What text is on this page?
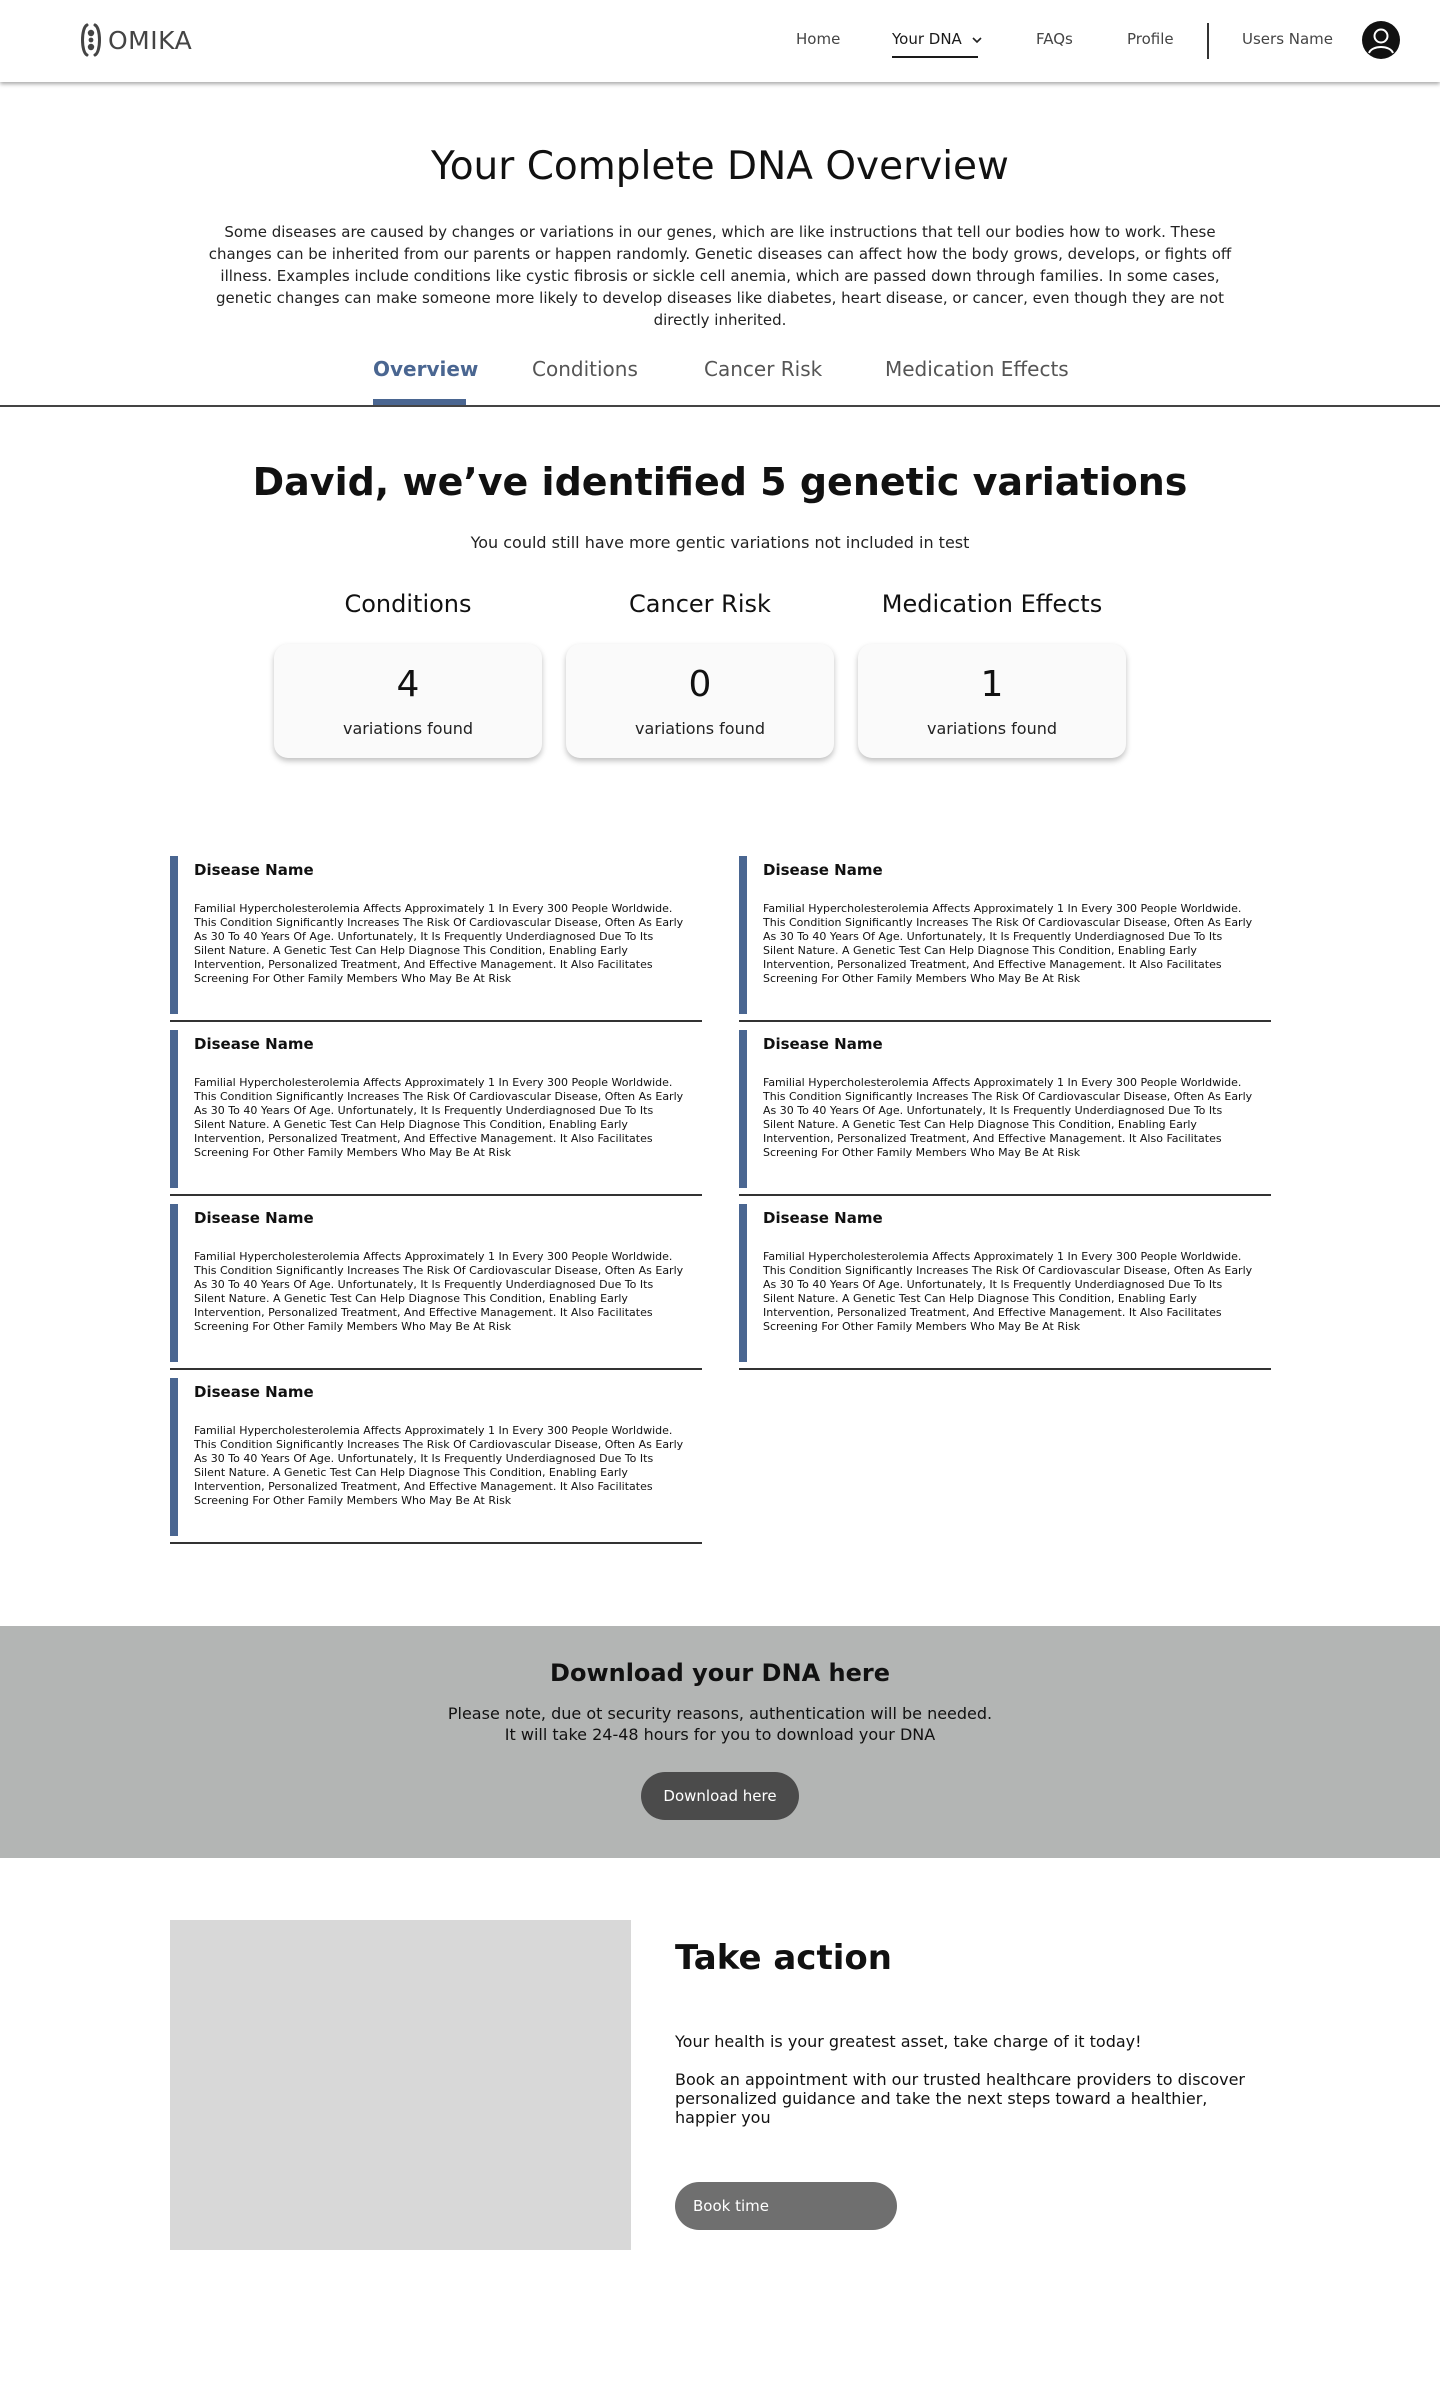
OMIKA	Home	Your DNA	FAQs	Profile	Users Name
Your Complete DNA Overview

Some diseases are caused by changes or variations in our genes, which are like instructions that tell our bodies how to work. These changes can be inherited from our parents or happen randomly. Genetic diseases can affect how the body grows, develops, or fights off illness. Examples include conditions like cystic fibrosis or sickle cell anemia, which are passed down through families. In some cases, genetic changes can make someone more likely to develop diseases like diabetes, heart disease, or cancer, even though they are not directly inherited.

Overview	Conditions	Cancer Risk	Medication Effects
David, we’ve identified 5 genetic variations

You could still have more gentic variations not included in test

Conditions
4
variations found
Cancer Risk
0
variations found
Medication Effects
1
variations found
Disease Name
Familial Hypercholesterolemia Affects Approximately 1 In Every 300 People Worldwide. This Condition Significantly Increases The Risk Of Cardiovascular Disease, Often As Early As 30 To 40 Years Of Age. Unfortunately, It Is Frequently Underdiagnosed Due To Its Silent Nature. A Genetic Test Can Help Diagnose This Condition, Enabling Early Intervention, Personalized Treatment, And Effective Management. It Also Facilitates Screening For Other Family Members Who May Be At Risk
Disease Name
Familial Hypercholesterolemia Affects Approximately 1 In Every 300 People Worldwide. This Condition Significantly Increases The Risk Of Cardiovascular Disease, Often As Early As 30 To 40 Years Of Age. Unfortunately, It Is Frequently Underdiagnosed Due To Its Silent Nature. A Genetic Test Can Help Diagnose This Condition, Enabling Early Intervention, Personalized Treatment, And Effective Management. It Also Facilitates Screening For Other Family Members Who May Be At Risk
Disease Name
Familial Hypercholesterolemia Affects Approximately 1 In Every 300 People Worldwide. This Condition Significantly Increases The Risk Of Cardiovascular Disease, Often As Early As 30 To 40 Years Of Age. Unfortunately, It Is Frequently Underdiagnosed Due To Its Silent Nature. A Genetic Test Can Help Diagnose This Condition, Enabling Early Intervention, Personalized Treatment, And Effective Management. It Also Facilitates Screening For Other Family Members Who May Be At Risk
Disease Name
Familial Hypercholesterolemia Affects Approximately 1 In Every 300 People Worldwide. This Condition Significantly Increases The Risk Of Cardiovascular Disease, Often As Early As 30 To 40 Years Of Age. Unfortunately, It Is Frequently Underdiagnosed Due To Its Silent Nature. A Genetic Test Can Help Diagnose This Condition, Enabling Early Intervention, Personalized Treatment, And Effective Management. It Also Facilitates Screening For Other Family Members Who May Be At Risk
Disease Name
Familial Hypercholesterolemia Affects Approximately 1 In Every 300 People Worldwide. This Condition Significantly Increases The Risk Of Cardiovascular Disease, Often As Early As 30 To 40 Years Of Age. Unfortunately, It Is Frequently Underdiagnosed Due To Its Silent Nature. A Genetic Test Can Help Diagnose This Condition, Enabling Early Intervention, Personalized Treatment, And Effective Management. It Also Facilitates Screening For Other Family Members Who May Be At Risk
Disease Name
Familial Hypercholesterolemia Affects Approximately 1 In Every 300 People Worldwide. This Condition Significantly Increases The Risk Of Cardiovascular Disease, Often As Early As 30 To 40 Years Of Age. Unfortunately, It Is Frequently Underdiagnosed Due To Its Silent Nature. A Genetic Test Can Help Diagnose This Condition, Enabling Early Intervention, Personalized Treatment, And Effective Management. It Also Facilitates Screening For Other Family Members Who May Be At Risk
Disease Name
Familial Hypercholesterolemia Affects Approximately 1 In Every 300 People Worldwide. This Condition Significantly Increases The Risk Of Cardiovascular Disease, Often As Early As 30 To 40 Years Of Age. Unfortunately, It Is Frequently Underdiagnosed Due To Its Silent Nature. A Genetic Test Can Help Diagnose This Condition, Enabling Early Intervention, Personalized Treatment, And Effective Management. It Also Facilitates Screening For Other Family Members Who May Be At Risk
Download your DNA here
Please note, due ot security reasons, authentication will be needed.
It will take 24-48 hours for you to download your DNA
Download here
Take action

Your health is your greatest asset, take charge of it today!

Book an appointment with our trusted healthcare providers to discover personalized guidance and take the next steps toward a healthier, happier you

Book time
